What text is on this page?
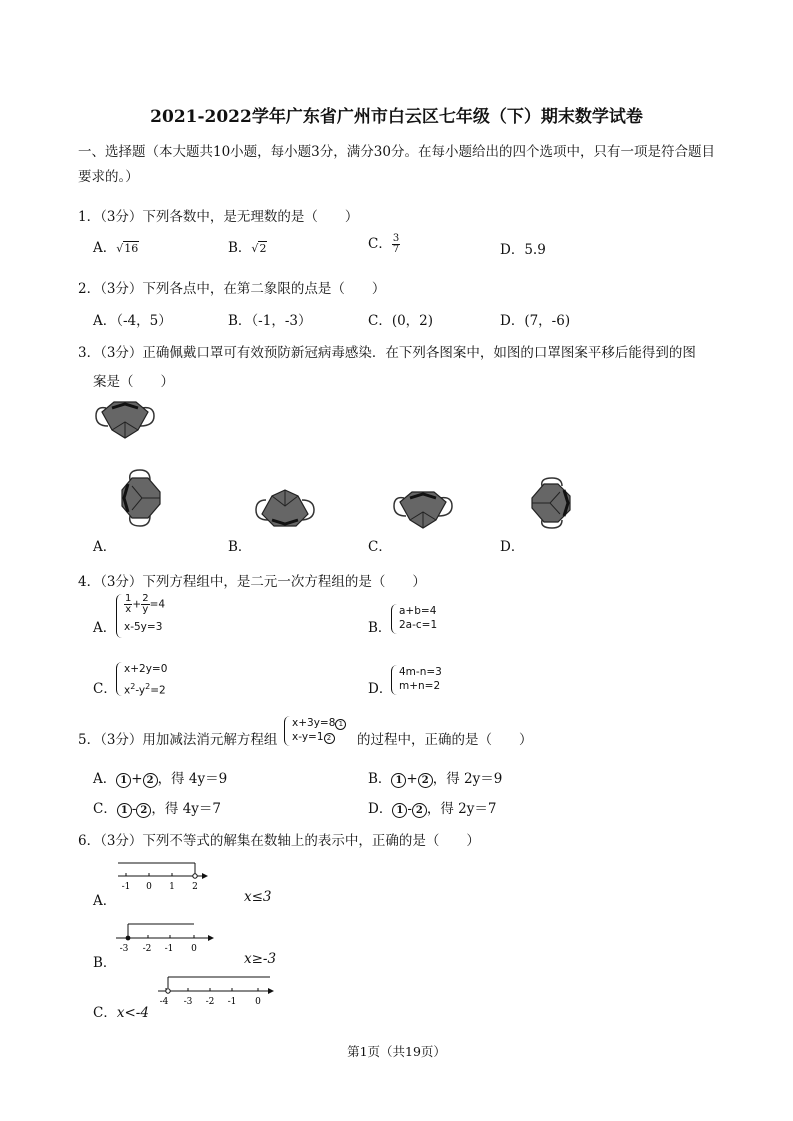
2021-2022学年广东省广州市白云区七年级（下）期末数学试卷
一、选择题（本大题共10小题，每小题3分，满分30分。在每小题给出的四个选项中，只有一项是符合题目要求的。）
1．（3分）下列各数中，是无理数的是（　　）
A．√16	B．√2	C． $\frac{3}{7}$	D．5.9
2．（3分）下列各点中，在第二象限的点是（　　）
A．（-4，5）	B．（-1，-3）	C．(0，2)	D．(7，-6)
3．（3分）正确佩戴口罩可有效预防新冠病毒感染．在下列各图案中，如图的口罩图案平移后能得到的图
案是（　　）
A．	B．	C．	D．
4．（3分）下列方程组中，是二元一次方程组的是（　　）
A．
$\frac{1}{x} + \frac{2}{y} =4$
x-5y=3	B．
a+b=4
2a-c=1
C．
x+2y=0
$x^2-y^2=2$	D．
4m-n=3
m+n=2
5．（3分）用加减法消元解方程组
x+3y=8 1
x-y=1 2	的过程中，正确的是（　　）
A． 1 + 2 ，得 4y＝9	B． 1 + 2 ，得 2y＝9
C． 1 - 2 ，得 4y＝7	D． 1 - 2 ，得 2y＝7
6．（3分）下列不等式的解集在数轴上的表示中，正确的是（　　）
-1 0 1 2
A．	x≤3
-3 -2 -1 0
B．	x≥-3
C．x<-4
-4 -3 -2 -1 0
第1页（共19页）
